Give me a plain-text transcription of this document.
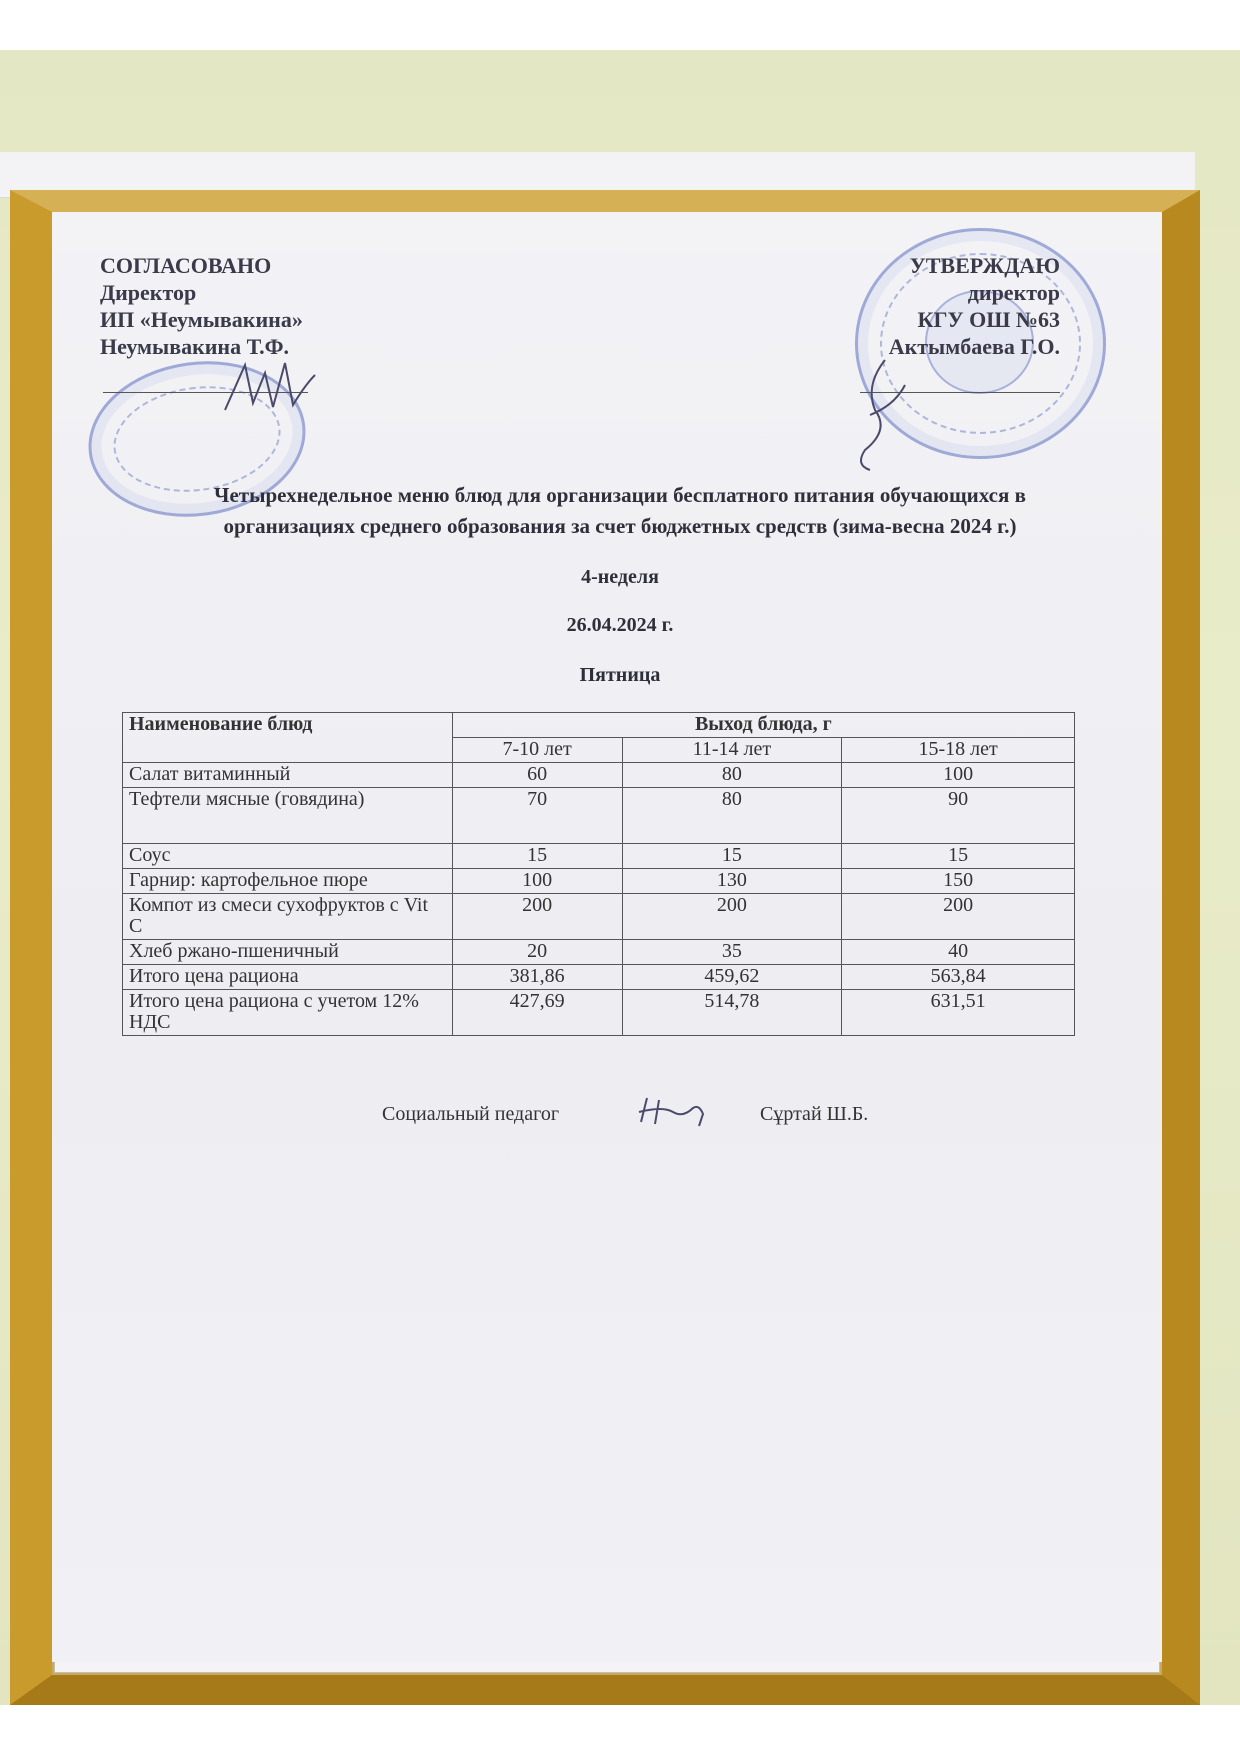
СОГЛАСОВАНО
Директор
ИП «Неумывакина»
Неумывакина Т.Ф.
УТВЕРЖДАЮ
директор
КГУ ОШ №63
Актымбаева Г.О.
Четырехнедельное меню блюд для организации бесплатного питания обучающихся в
организациях среднего образования за счет бюджетных средств (зима-весна 2024 г.)
4-неделя
26.04.2024 г.
Пятница
Наименование блюд	Выход блюда, г		
	7-10 лет	11-14 лет	15-18 лет
Салат витаминный	60	80	100
Тефтели мясные (говядина)	70	80	90
Соус	15	15	15
Гарнир: картофельное пюре	100	130	150
Компот из смеси сухофруктов с Vit C	200	200	200
Хлеб ржано-пшеничный	20	35	40
Итого цена рациона	381,86	459,62	563,84
Итого цена рациона с учетом 12% НДС	427,69	514,78	631,51
Социальный педагог	Сұртай Ш.Б.
